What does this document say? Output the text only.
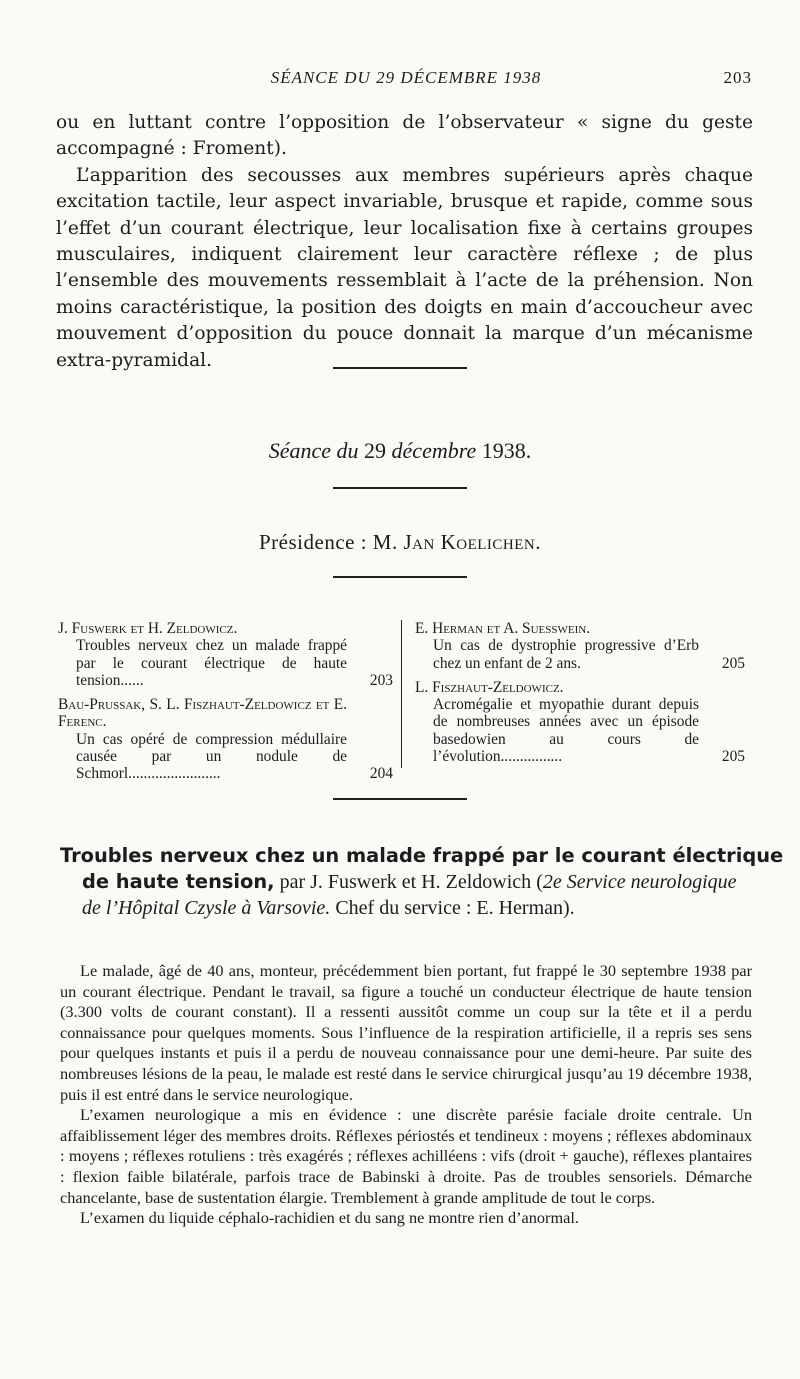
SÉANCE DU 29 DÉCEMBRE 1938	203

ou en luttant contre l’opposition de l’observateur « signe du geste accompagné : Froment).

L’apparition des secousses aux membres supérieurs après chaque excitation tactile, leur aspect invariable, brusque et rapide, comme sous l’effet d’un courant électrique, leur localisation fixe à certains groupes musculaires, indiquent clairement leur caractère réflexe ; de plus l’ensemble des mouvements ressemblait à l’acte de la préhension. Non moins caractéristique, la position des doigts en main d’accoucheur avec mouvement d’opposition du pouce donnait la marque d’un mécanisme extra-pyramidal.

Séance du 29 décembre 1938.
Présidence : M. Jan Koelichen.
J. Fuswerk et H. Zeldowicz.
Troubles nerveux chez un malade frappé par le courant électrique de haute tension......	203
Bau-Prussak, S. L. Fiszhaut-Zeldowicz et E. Ferenc.
Un cas opéré de compression médullaire causée par un nodule de Schmorl........................	204
E. Herman et A. Suesswein.
Un cas de dystrophie progressive d’Erb chez un enfant de 2 ans.	205
L. Fiszhaut-Zeldowicz.
Acromégalie et myopathie durant depuis de nombreuses années avec un épisode basedowien au cours de l’évolution................	205
Troubles nerveux chez un malade frappé par le courant électrique
de haute tension, par J. Fuswerk et H. Zeldowich (2e Service neurologique de l’Hôpital Czysle à Varsovie. Chef du service : E. Herman).

Le malade, âgé de 40 ans, monteur, précédemment bien portant, fut frappé le 30 septembre 1938 par un courant électrique. Pendant le travail, sa figure a touché un conducteur électrique de haute tension (3.300 volts de courant constant). Il a ressenti aussitôt comme un coup sur la tête et il a perdu connaissance pour quelques moments. Sous l’influence de la respiration artificielle, il a repris ses sens pour quelques instants et puis il a perdu de nouveau connaissance pour une demi-heure. Par suite des nombreuses lésions de la peau, le malade est resté dans le service chirurgical jusqu’au 19 décembre 1938, puis il est entré dans le service neurologique.

L’examen neurologique a mis en évidence : une discrète parésie faciale droite centrale. Un affaiblissement léger des membres droits. Réflexes périostés et tendineux : moyens ; réflexes abdominaux : moyens ; réflexes rotuliens : très exagérés ; réflexes achilléens : vifs (droit + gauche), réflexes plantaires : flexion faible bilatérale, parfois trace de Babinski à droite. Pas de troubles sensoriels. Démarche chancelante, base de sustentation élargie. Tremblement à grande amplitude de tout le corps.

L’examen du liquide céphalo-rachidien et du sang ne montre rien d’anormal.
